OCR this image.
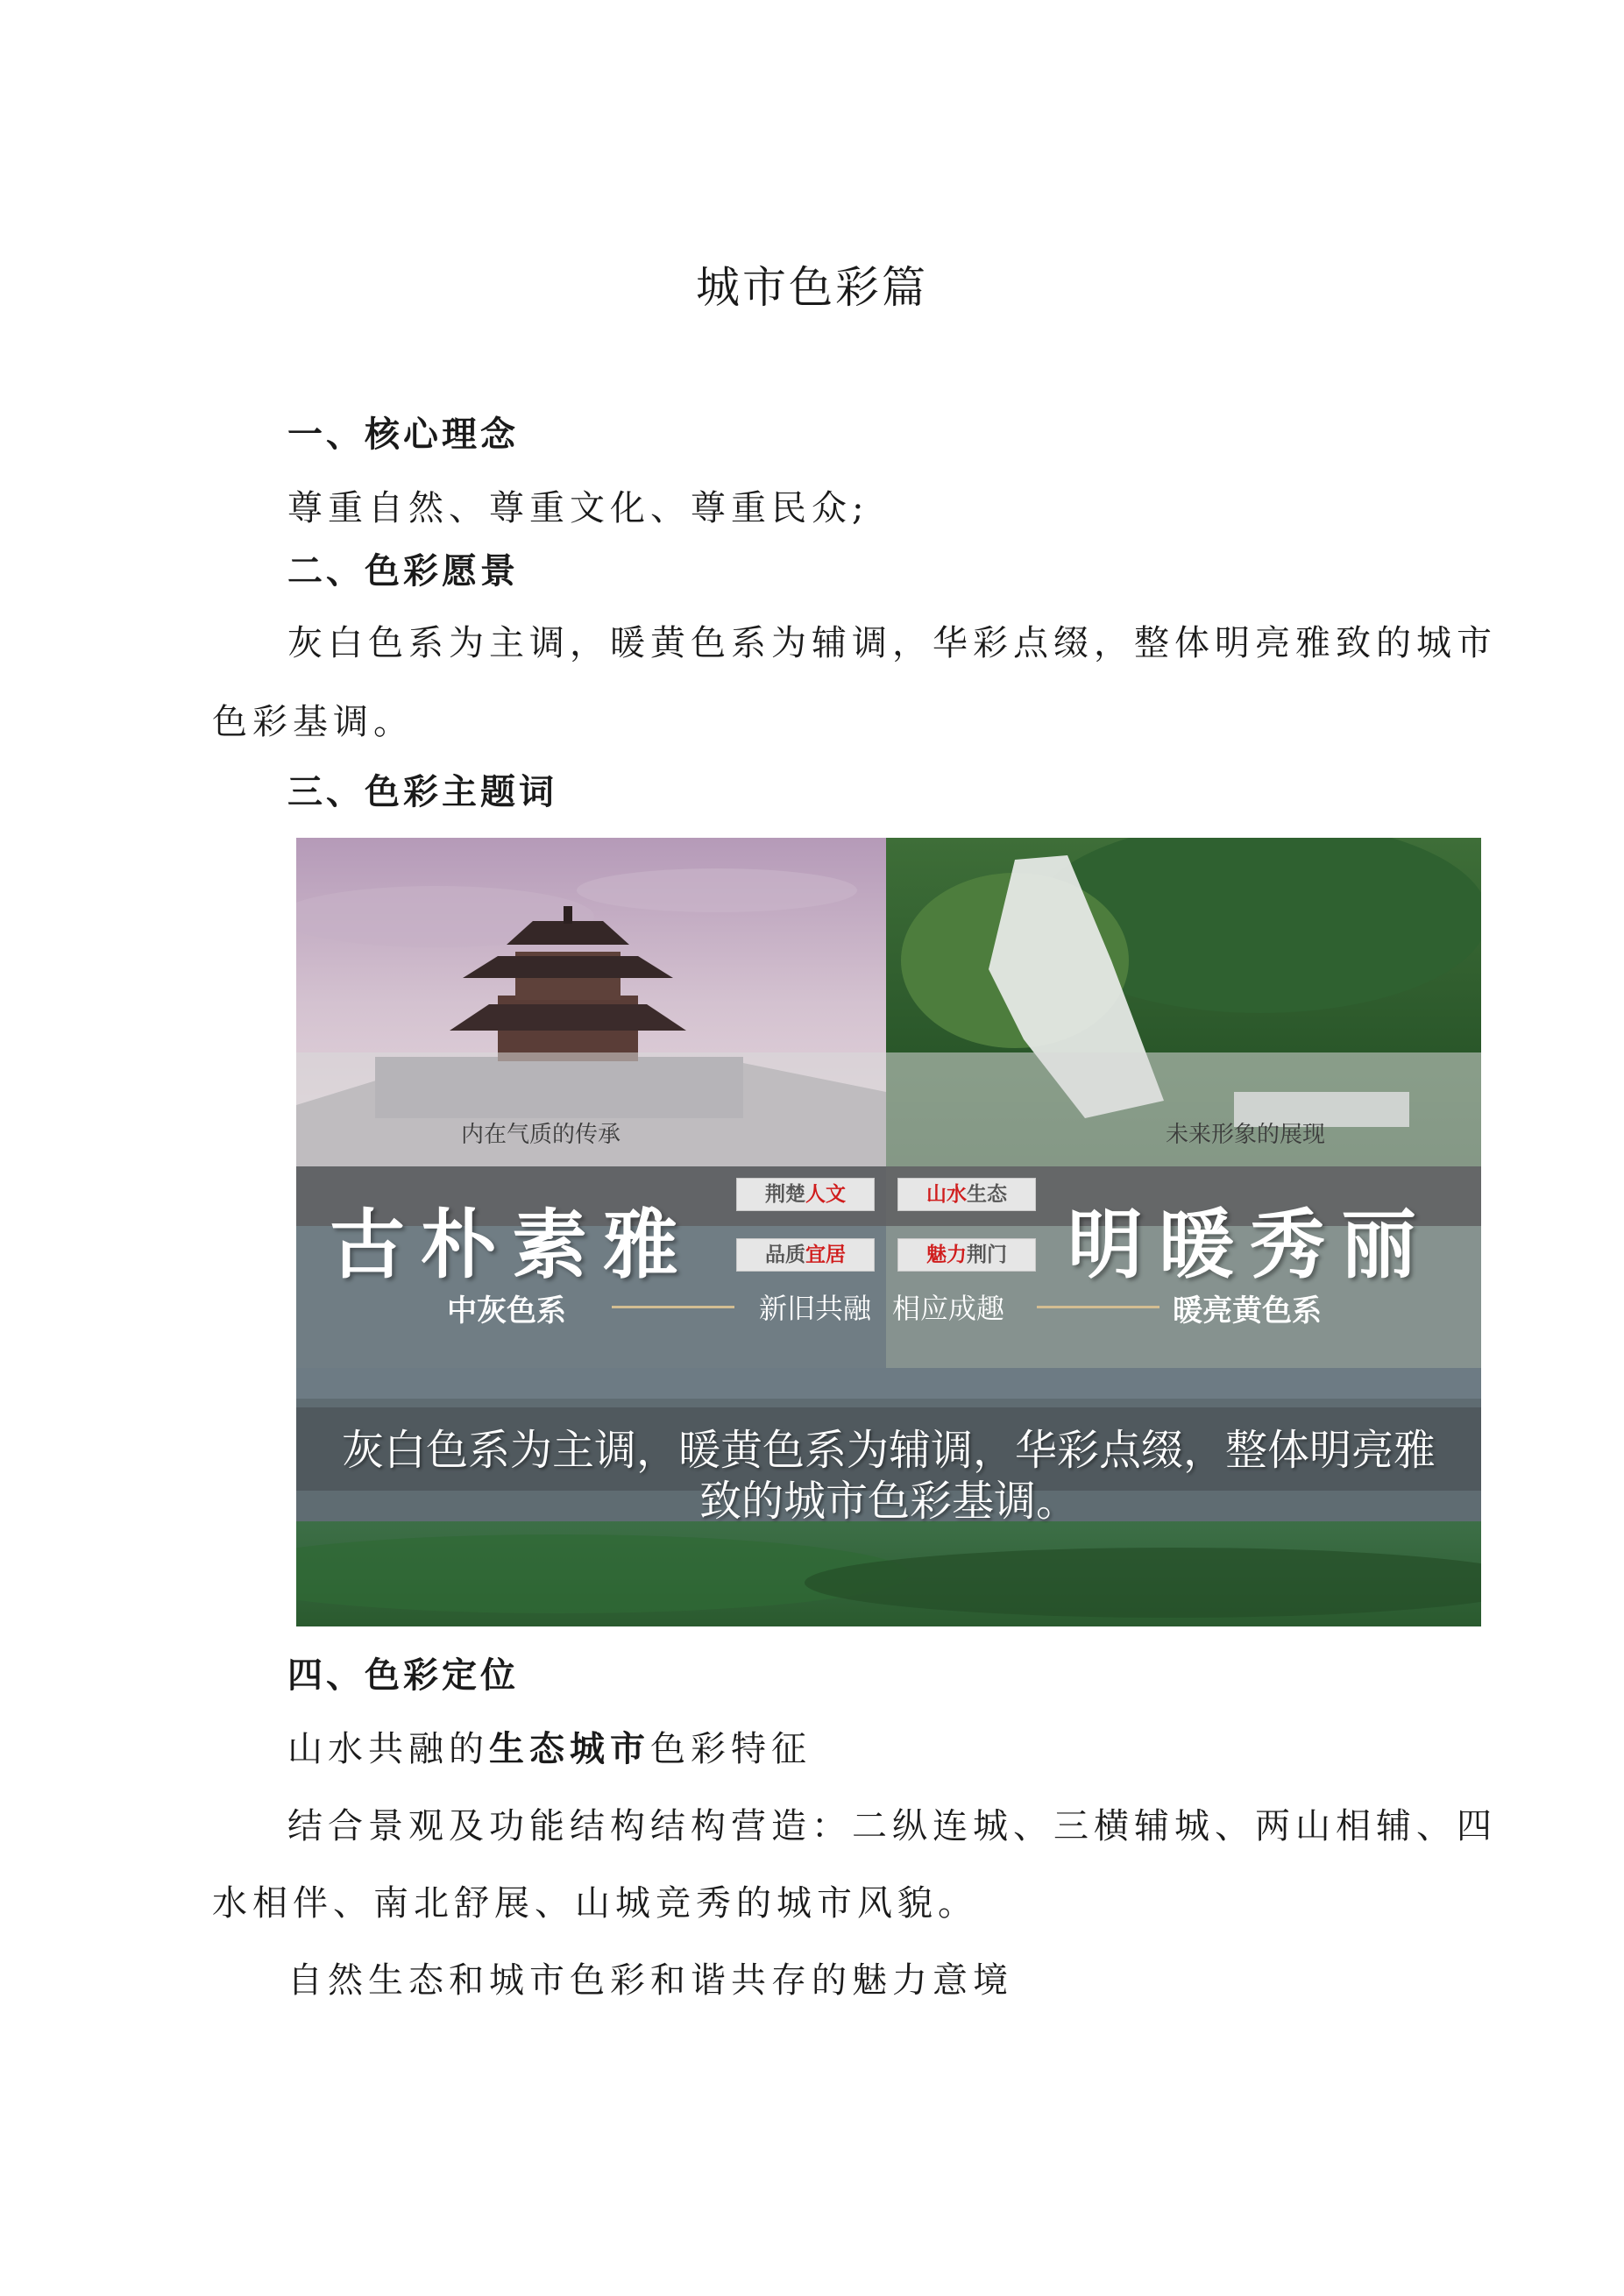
城市色彩篇
一、核心理念
尊重自然、尊重文化、尊重民众;
二、色彩愿景
灰白色系为主调，暖黄色系为辅调，华彩点缀，整体明亮雅致的城市
色彩基调。
三、色彩主题词
内在气质的传承	未来形象的展现
古朴素雅	明暖秀丽
荆楚人文	山水生态
品质宜居	魅力荆门
中灰色系	新旧共融 相应成趣	暖亮黄色系
灰白色系为主调，暖黄色系为辅调，华彩点缀，整体明亮雅
致的城市色彩基调。
四、色彩定位
山水共融的生态城市色彩特征
结合景观及功能结构结构营造：二纵连城、三横辅城、两山相辅、四
水相伴、南北舒展、山城竞秀的城市风貌。
自然生态和城市色彩和谐共存的魅力意境
